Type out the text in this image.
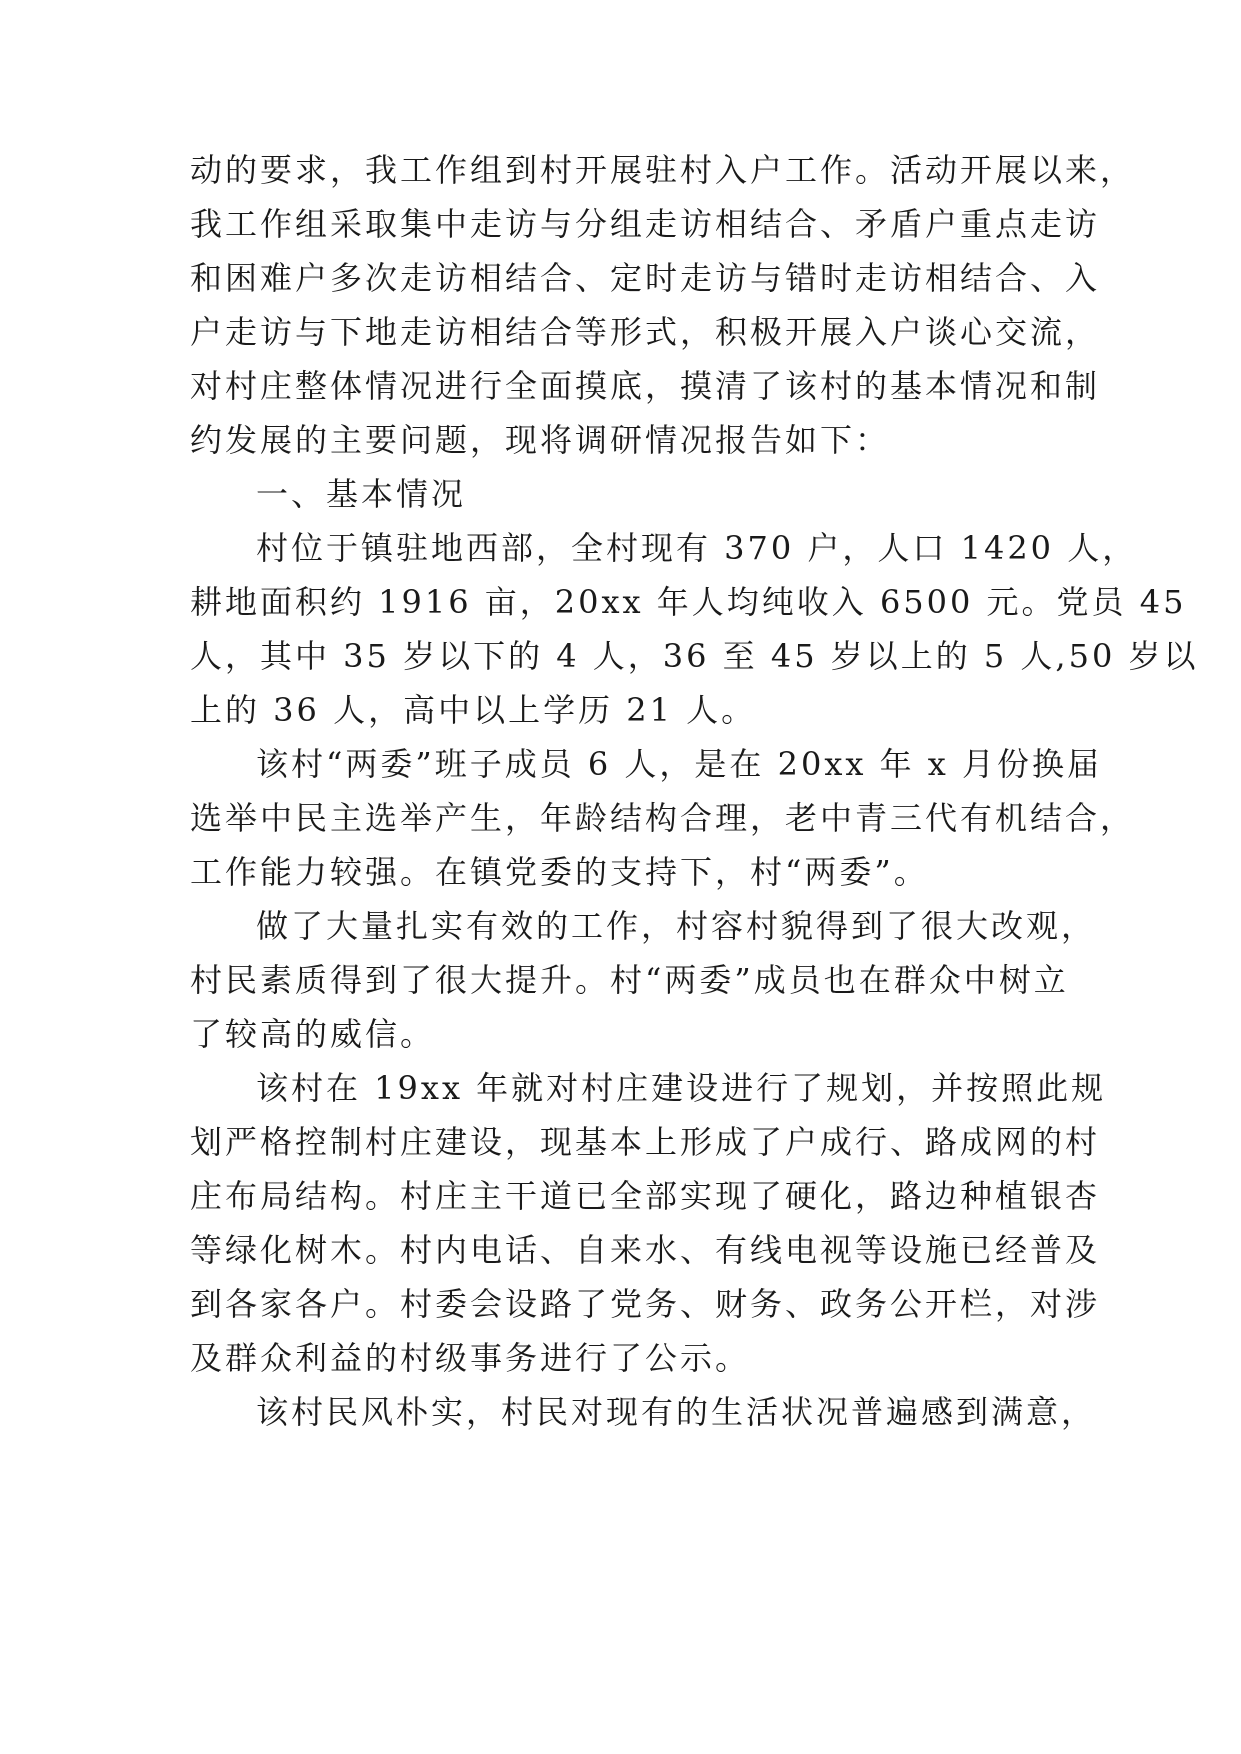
动的要求，我工作组到村开展驻村入户工作。活动开展以来，
我工作组采取集中走访与分组走访相结合、矛盾户重点走访
和困难户多次走访相结合、定时走访与错时走访相结合、入
户走访与下地走访相结合等形式，积极开展入户谈心交流，
对村庄整体情况进行全面摸底，摸清了该村的基本情况和制
约发展的主要问题，现将调研情况报告如下：
一、基本情况
村位于镇驻地西部，全村现有 370 户，人口 1420 人，
耕地面积约 1916 亩，20xx 年人均纯收入 6500 元。党员 45
人，其中 35 岁以下的 4 人，36 至 45 岁以上的 5 人,50 岁以
上的 36 人，高中以上学历 21 人。
该村“两委”班子成员 6 人，是在 20xx 年 x 月份换届
选举中民主选举产生，年龄结构合理，老中青三代有机结合，
工作能力较强。在镇党委的支持下，村“两委”。
做了大量扎实有效的工作，村容村貌得到了很大改观，
村民素质得到了很大提升。村“两委”成员也在群众中树立
了较高的威信。
该村在 19xx 年就对村庄建设进行了规划，并按照此规
划严格控制村庄建设，现基本上形成了户成行、路成网的村
庄布局结构。村庄主干道已全部实现了硬化，路边种植银杏
等绿化树木。村内电话、自来水、有线电视等设施已经普及
到各家各户。村委会设路了党务、财务、政务公开栏，对涉
及群众利益的村级事务进行了公示。
该村民风朴实，村民对现有的生活状况普遍感到满意，
